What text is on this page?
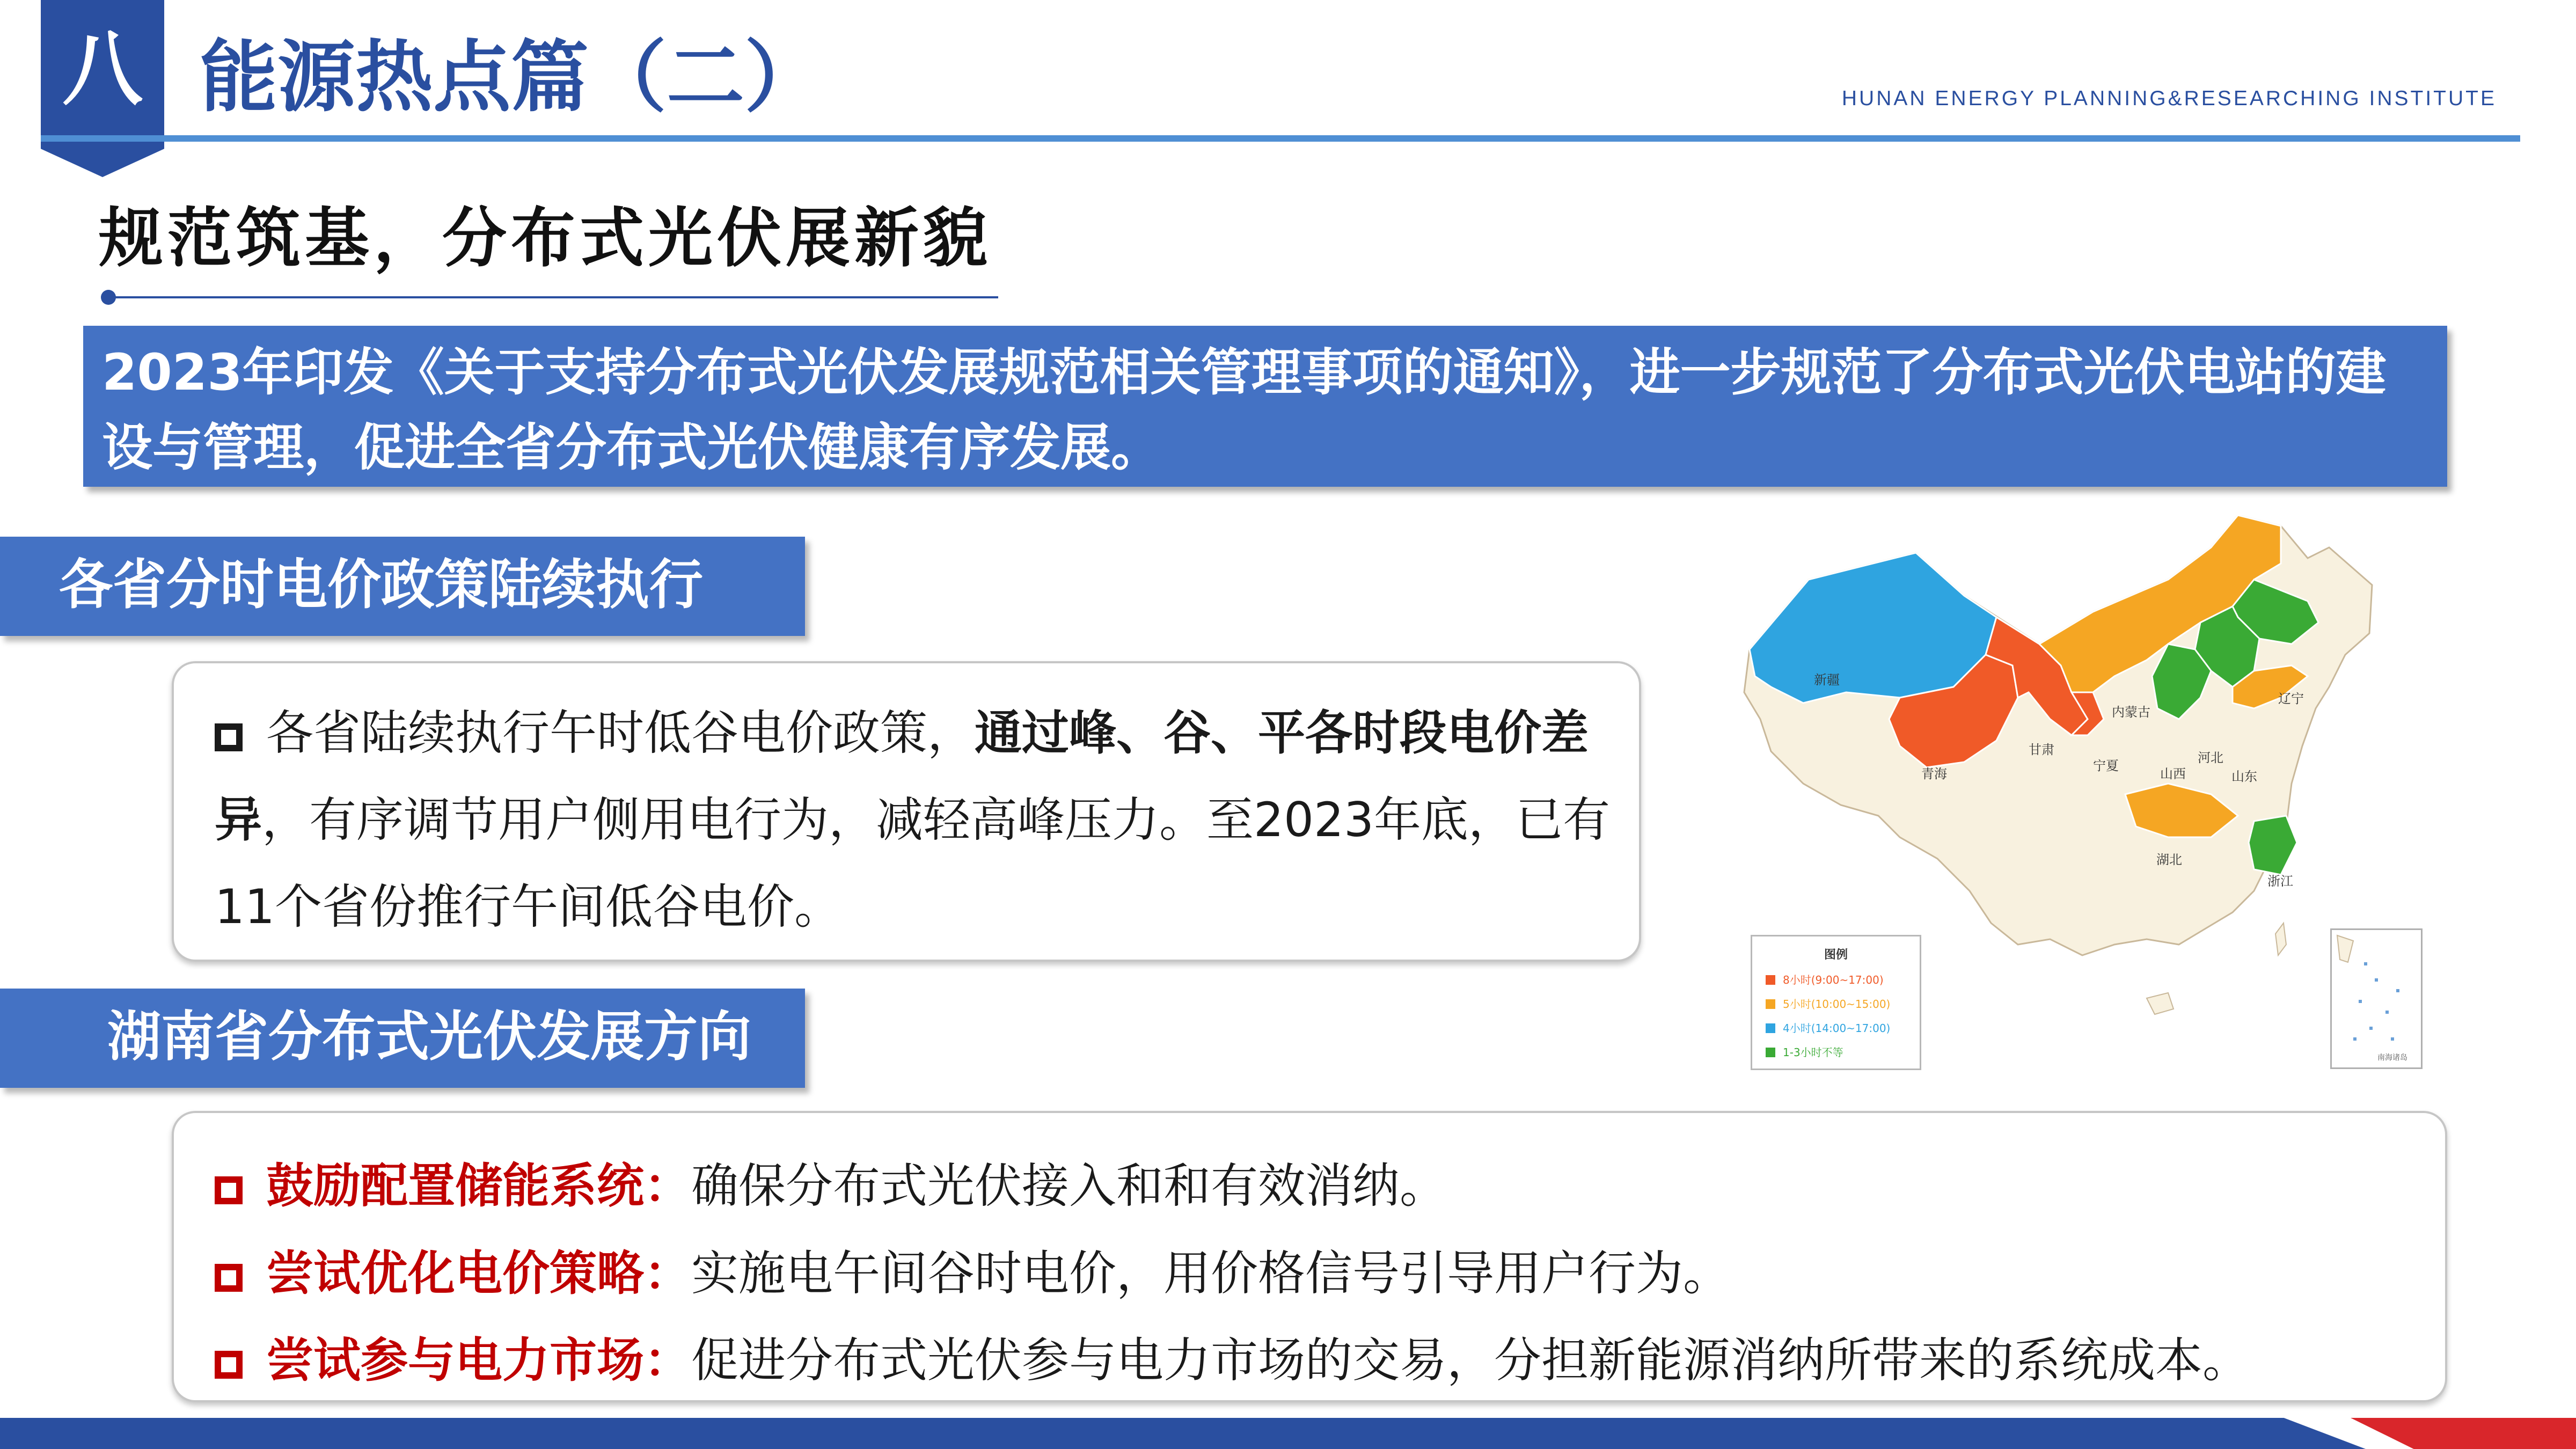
八 能源热点篇（二）	HUNAN ENERGY PLANNING&RESEARCHING INSTITUTE
规范筑基，分布式光伏展新貌
2023年印发《关于支持分布式光伏发展规范相关管理事项的通知》，进一步规范了分布式光伏电站的建设与管理，促进全省分布式光伏健康有序发展。
各省分时电价政策陆续执行
各省陆续执行午时低谷电价政策，通过峰、谷、平各时段电价差异，有序调节用户侧用电行为，减轻高峰压力。至2023年底，已有11个省份推行午间低谷电价。
新疆
青海
甘肃
宁夏
内蒙古
山西
河北
山东
辽宁
湖北
浙江
图例
8小时(9:00~17:00)
5小时(10:00~15:00)
4小时(14:00~17:00)
1-3小时不等	南海诸岛
湖南省分布式光伏发展方向
鼓励配置储能系统：确保分布式光伏接入和和有效消纳。
尝试优化电价策略：实施电午间谷时电价，用价格信号引导用户行为。
尝试参与电力市场：促进分布式光伏参与电力市场的交易，分担新能源消纳所带来的系统成本。
